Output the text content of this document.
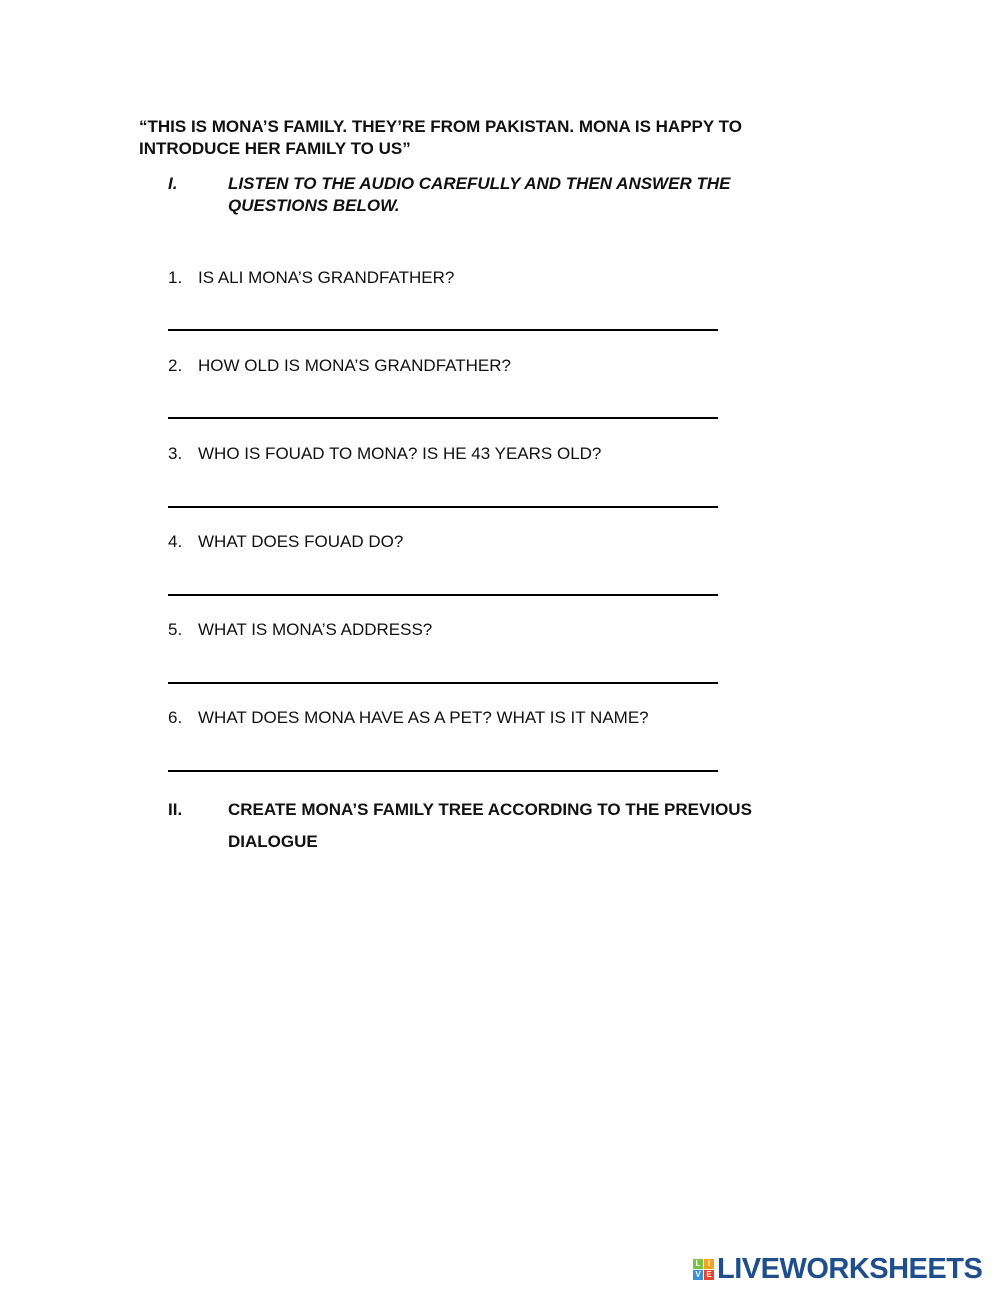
“THIS IS MONA’S FAMILY. THEY’RE FROM PAKISTAN. MONA IS HAPPY TO INTRODUCE HER FAMILY TO US”
I.	LISTEN TO THE AUDIO CAREFULLY AND THEN ANSWER THE QUESTIONS BELOW.
1. IS ALI MONA’S GRANDFATHER?
2. HOW OLD IS MONA’S GRANDFATHER?
3. WHO IS FOUAD TO MONA? IS HE 43 YEARS OLD?
4. WHAT DOES FOUAD DO?
5. WHAT IS MONA’S ADDRESS?
6. WHAT DOES MONA HAVE AS A PET? WHAT IS IT NAME?
II.	CREATE MONA’S FAMILY TREE ACCORDING TO THE PREVIOUS DIALOGUE
L I
V E LIVEWORKSHEETS
